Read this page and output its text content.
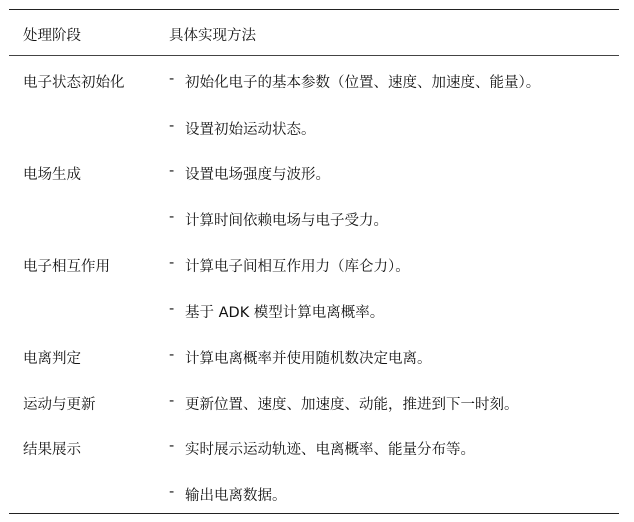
处理阶段	具体实现方法
电子状态初始化	- 初始化电子的基本参数（位置、速度、加速度、能量）。
- 设置初始运动状态。
电场生成	- 设置电场强度与波形。
- 计算时间依赖电场与电子受力。
电子相互作用	- 计算电子间相互作用力（库仑力）。
- 基于 ADK 模型计算电离概率。
电离判定	- 计算电离概率并使用随机数决定电离。
运动与更新	- 更新位置、速度、加速度、动能，推进到下一时刻。
结果展示	- 实时展示运动轨迹、电离概率、能量分布等。
- 输出电离数据。
